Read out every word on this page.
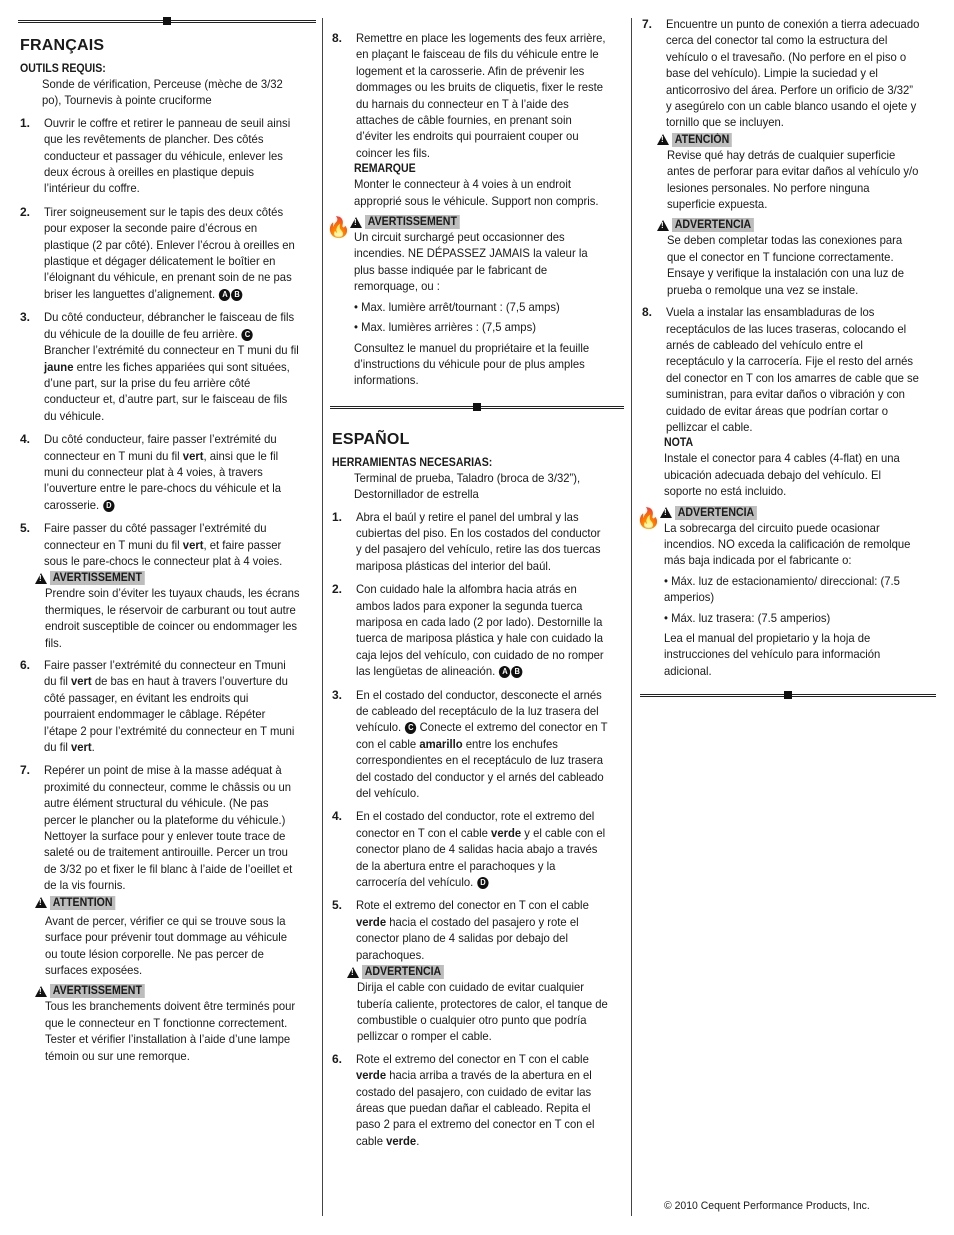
FRANÇAIS
OUTILS REQUIS:
Sonde de vérification, Perceuse (mèche de 3/32 po), Tournevis à pointe cruciforme
1.	Ouvrir le coffre et retirer le panneau de seuil ainsi que les revêtements de plancher. Des côtés conducteur et passager du véhicule, enlever les deux écrous à oreilles en plastique depuis l’intérieur du coffre.
2.	Tirer soigneusement sur le tapis des deux côtés pour exposer la seconde paire d’écrous en plastique (2 par côté). Enlever l’écrou à oreilles en plastique et dégager délicatement le boîtier en l’éloignant du véhicule, en prenant soin de ne pas briser les languettes d’alignement. A B
3.	Du côté conducteur, débrancher le faisceau de fils du véhicule de la douille de feu arrière. C Brancher l’extrémité du connecteur en T muni du fil jaune entre les fiches appariées qui sont situées, d’une part, sur la prise du feu arrière côté conducteur et, d’autre part, sur le faisceau de fils du véhicule.
4.	Du côté conducteur, faire passer l’extrémité du connecteur en T muni du fil vert, ainsi que le fil muni du connecteur plat à 4 voies, à travers l’ouverture entre le pare-chocs du véhicule et la carosserie. D
5.	Faire passer du côté passager l’extrémité du connecteur en T muni du fil vert, et faire passer sous le pare-chocs le connecteur plat à 4 voies.
!
AVERTISSEMENT
Prendre soin d’éviter les tuyaux chauds, les écrans thermiques, le réservoir de carburant ou tout autre endroit susceptible de coincer ou endommager les fils.
6.	Faire passer l’extrémité du connecteur en Tmuni du fil vert de bas en haut à travers l’ouverture du côté passager, en évitant les endroits qui pourraient endommager le câblage. Répéter l’étape 2 pour l’extrémité du connecteur en T muni du fil vert.
7.	Repérer un point de mise à la masse adéquat à proximité du connecteur, comme le châssis ou un autre élément structural du véhicule. (Ne pas percer le plancher ou la plateforme du véhicule.) Nettoyer la surface pour y enlever toute trace de saleté ou de traitement antirouille. Percer un trou de 3/32 po et fixer le fil blanc à l’aide de l’oeillet et de la vis fournis.
!
ATTENTION
Avant de percer, vérifier ce qui se trouve sous la surface pour prévenir tout dommage au véhicule ou toute lésion corporelle. Ne pas percer de surfaces exposées.
!
AVERTISSEMENT
Tous les branchements doivent être terminés pour que le connecteur en T fonctionne correctement. Tester et vérifier l’installation à l’aide d’une lampe témoin ou sur une remorque.
8.	Remettre en place les logements des feux arrière, en plaçant le faisceau de fils du véhicule entre le logement et la carosserie. Afin de prévenir les dommages ou les bruits de cliquetis, fixer le reste du harnais du connecteur en T à l’aide des attaches de câble fournies, en prenant soin d’éviter les endroits qui pourraient couper ou coincer les fils.
REMARQUE
Monter le connecteur à 4 voies à un endroit approprié sous le véhicule. Support non compris.
🔥 ! AVERTISSEMENT
Un circuit surchargé peut occasionner des incendies. NE DÉPASSEZ JAMAIS la valeur la plus basse indiquée par le fabricant de remorquage, ou :
• Max. lumière arrêt/tournant : (7,5 amps)
• Max. lumières arrières : (7,5 amps)
Consultez le manuel du propriétaire et la feuille d’instructions du véhicule pour de plus amples informations.
ESPAÑOL
HERRAMIENTAS NECESARIAS:
Terminal de prueba, Taladro (broca de 3/32”), Destornillador de estrella
1.	Abra el baúl y retire el panel del umbral y las cubiertas del piso. En los costados del conductor y del pasajero del vehículo, retire las dos tuercas mariposa plásticas del interior del baúl.
2.	Con cuidado hale la alfombra hacia atrás en ambos lados para exponer la segunda tuerca mariposa en cada lado (2 por lado). Destornille la tuerca de mariposa plástica y hale con cuidado la caja lejos del vehículo, con cuidado de no romper las lengüetas de alineación. A B
3.	En el costado del conductor, desconecte el arnés de cableado del receptáculo de la luz trasera del vehículo. C Conecte el extremo del conector en T con el cable amarillo entre los enchufes correspondientes en el receptáculo de luz trasera del costado del conductor y el arnés del cableado del vehículo.
4.	En el costado del conductor, rote el extremo del conector en T con el cable verde y el cable con el conector plano de 4 salidas hacia abajo a través de la abertura entre el parachoques y la carrocería del vehículo. D
5.	Rote el extremo del conector en T con el cable verde hacia el costado del pasajero y rote el conector plano de 4 salidas por debajo del parachoques.
!
ADVERTENCIA
Dirija el cable con cuidado de evitar cualquier tubería caliente, protectores de calor, el tanque de combustible o cualquier otro punto que podría pellizcar o romper el cable.
6.	Rote el extremo del conector en T con el cable verde hacia arriba a través de la abertura en el costado del pasajero, con cuidado de evitar las áreas que puedan dañar el cableado. Repita el paso 2 para el extremo del conector en T con el cable verde.
7.	Encuentre un punto de conexión a tierra adecuado cerca del conector tal como la estructura del vehículo o el travesaño. (No perfore en el piso o base del vehículo). Limpie la suciedad y el anticorrosivo del área. Perfore un orificio de 3/32” y asegúrelo con un cable blanco usando el ojete y tornillo que se incluyen.
!
ATENCIÓN
Revise qué hay detrás de cualquier superficie antes de perforar para evitar daños al vehículo y/o lesiones personales. No perfore ninguna superficie expuesta.
!
ADVERTENCIA
Se deben completar todas las conexiones para que el conector en T funcione correctamente. Ensaye y verifique la instalación con una luz de prueba o remolque una vez se instale.
8.	Vuela a instalar las ensambladuras de los receptáculos de las luces traseras, colocando el arnés de cableado del vehículo entre el receptáculo y la carrocería. Fije el resto del arnés del conector en T con los amarres de cable que se suministran, para evitar daños o vibración y con cuidado de evitar áreas que podrían cortar o pellizcar el cable.
NOTA
Instale el conector para 4 cables (4-flat) en una ubicación adecuada debajo del vehículo. El soporte no está incluido.
🔥 ! ADVERTENCIA
La sobrecarga del circuito puede ocasionar incendios. NO exceda la calificación de remolque más baja indicada por el fabricante o:
• Máx. luz de estacionamiento/ direccional: (7.5 amperios)
• Máx. luz trasera: (7.5 amperios)
Lea el manual del propietario y la hoja de instrucciones del vehículo para información adicional.
© 2010 Cequent Performance Products, Inc.
